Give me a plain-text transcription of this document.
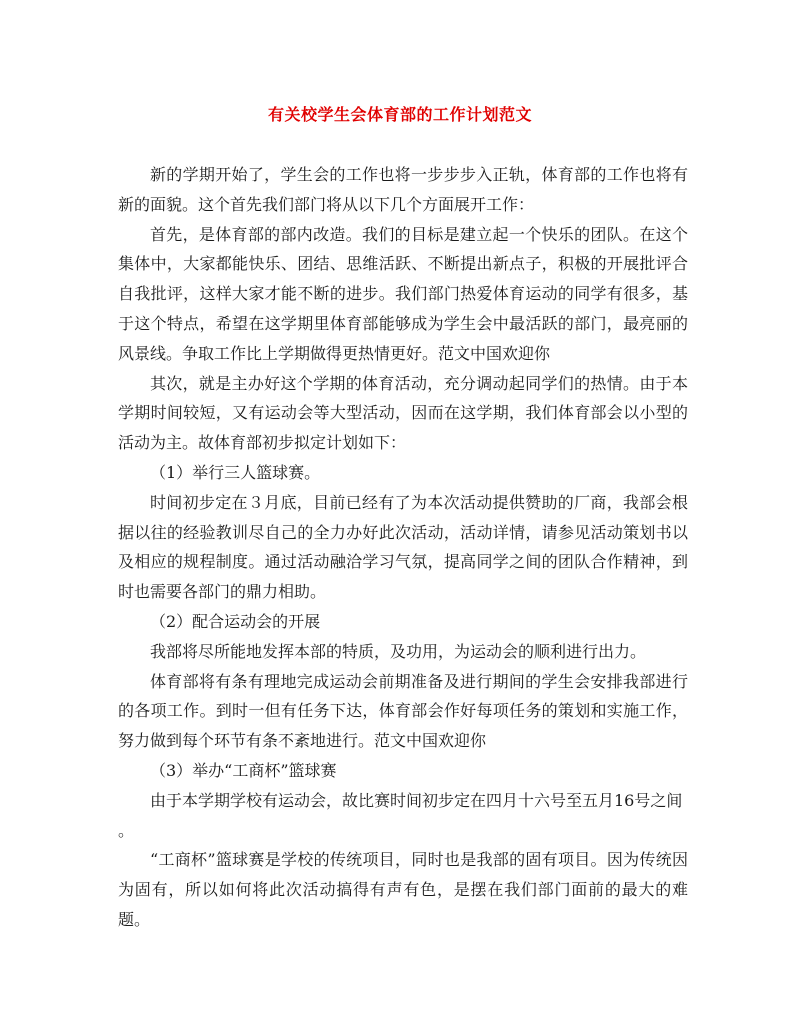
有关校学生会体育部的工作计划范文

新的学期开始了，学生会的工作也将一步步步入正轨，体育部的工作也将有新的面貌。这个首先我们部门将从以下几个方面展开工作：

首先，是体育部的部内改造。我们的目标是建立起一个快乐的团队。在这个集体中，大家都能快乐、团结、思维活跃、不断提出新点子，积极的开展批评合自我批评，这样大家才能不断的进步。我们部门热爱体育运动的同学有很多，基于这个特点，希望在这学期里体育部能够成为学生会中最活跃的部门，最亮丽的风景线。争取工作比上学期做得更热情更好。范文中国欢迎你

其次，就是主办好这个学期的体育活动，充分调动起同学们的热情。由于本学期时间较短，又有运动会等大型活动，因而在这学期，我们体育部会以小型的活动为主。故体育部初步拟定计划如下：

（1）举行三人篮球赛。

时间初步定在３月底，目前已经有了为本次活动提供赞助的厂商，我部会根据以往的经验教训尽自己的全力办好此次活动，活动详情，请参见活动策划书以及相应的规程制度。通过活动融洽学习气氛，提高同学之间的团队合作精神，到时也需要各部门的鼎力相助。

（2）配合运动会的开展

我部将尽所能地发挥本部的特质，及功用，为运动会的顺利进行出力。

体育部将有条有理地完成运动会前期准备及进行期间的学生会安排我部进行的各项工作。到时一但有任务下达，体育部会作好每项任务的策划和实施工作，努力做到每个环节有条不紊地进行。范文中国欢迎你

（3）举办“工商杯”篮球赛

由于本学期学校有运动会，故比赛时间初步定在四月十六号至五月16号之间

。

“工商杯”篮球赛是学校的传统项目，同时也是我部的固有项目。因为传统因为固有，所以如何将此次活动搞得有声有色，是摆在我们部门面前的最大的难题。
